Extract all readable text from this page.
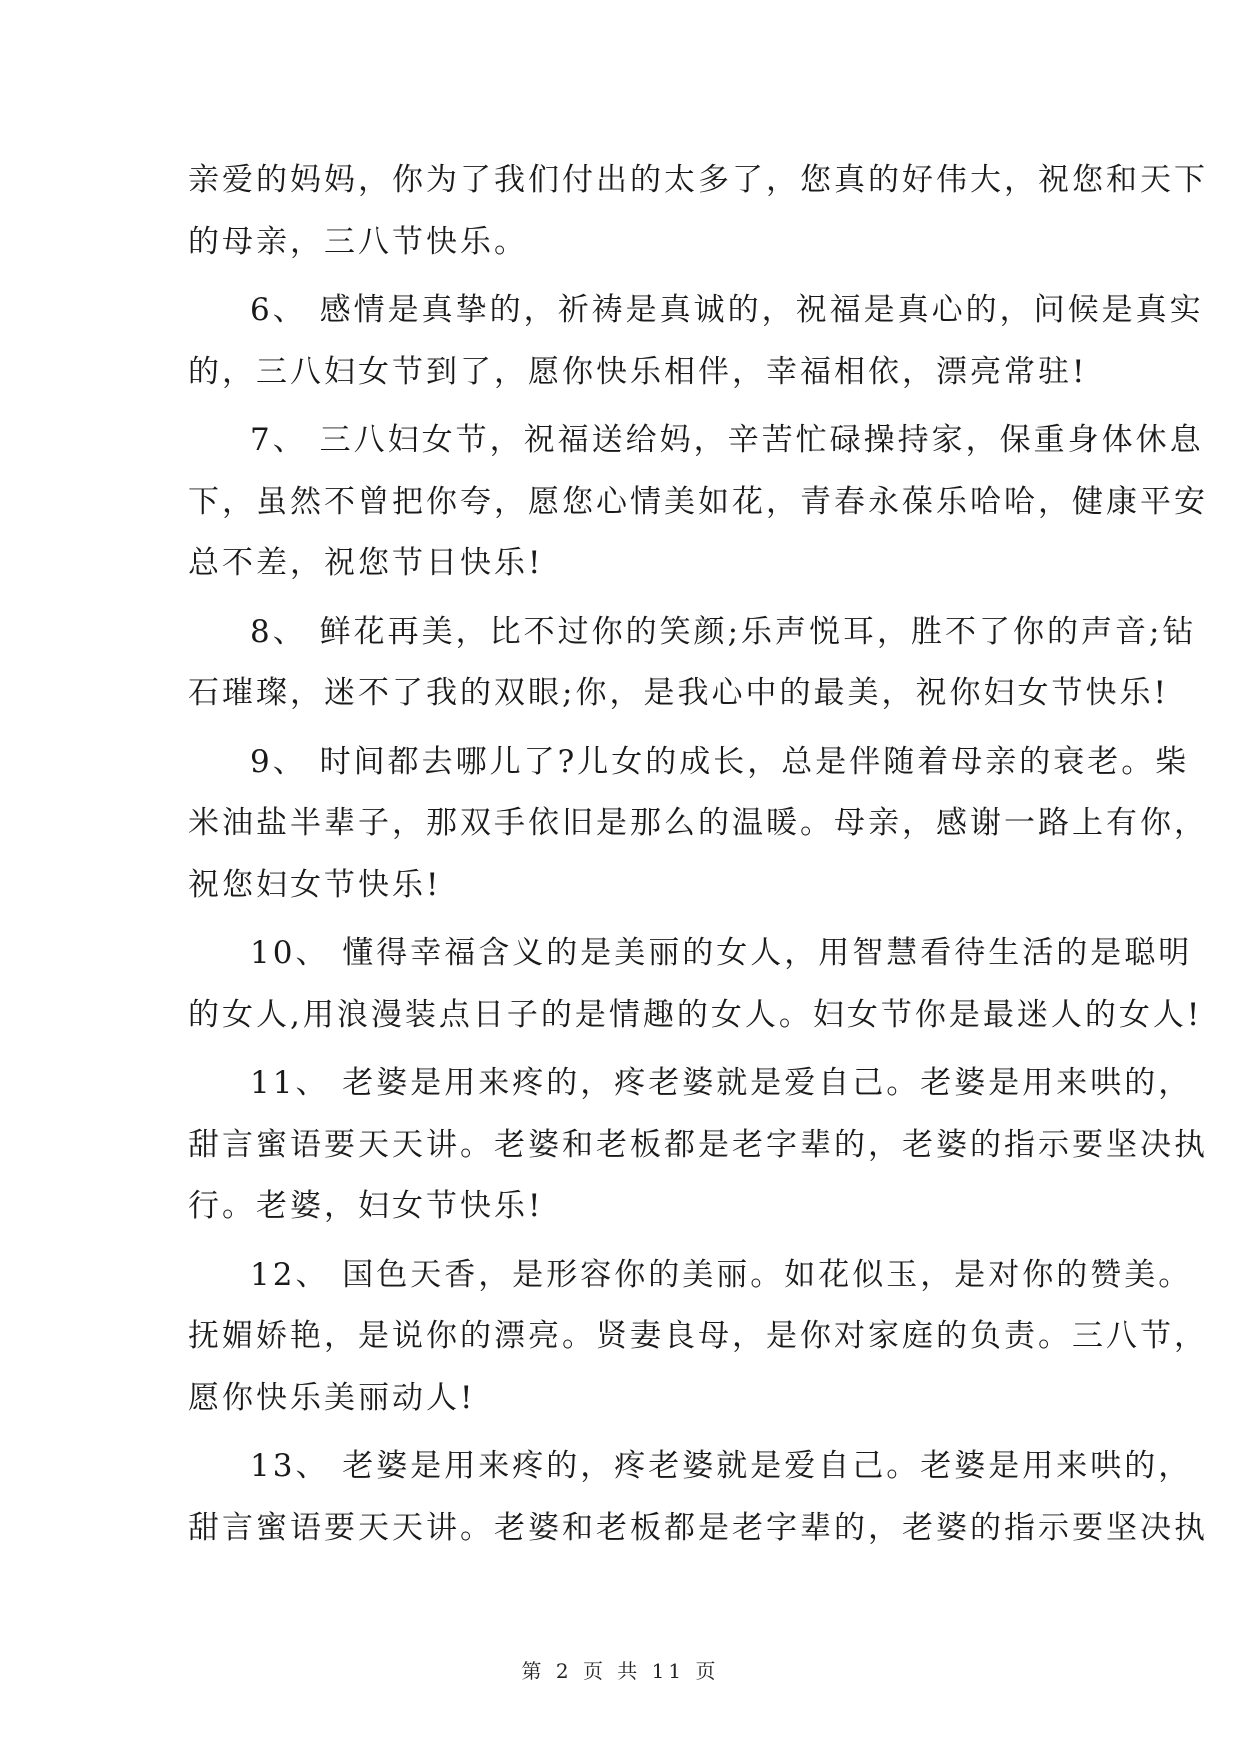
亲爱的妈妈，你为了我们付出的太多了，您真的好伟大，祝您和天下
的母亲，三八节快乐。
6、 感情是真挚的，祈祷是真诚的，祝福是真心的，问候是真实
的，三八妇女节到了，愿你快乐相伴，幸福相依，漂亮常驻!
7、 三八妇女节，祝福送给妈，辛苦忙碌操持家，保重身体休息
下，虽然不曾把你夸，愿您心情美如花，青春永葆乐哈哈，健康平安
总不差，祝您节日快乐!
8、 鲜花再美，比不过你的笑颜;乐声悦耳，胜不了你的声音;钻
石璀璨，迷不了我的双眼;你，是我心中的最美，祝你妇女节快乐!
9、 时间都去哪儿了?儿女的成长，总是伴随着母亲的衰老。柴
米油盐半辈子，那双手依旧是那么的温暖。母亲，感谢一路上有你，
祝您妇女节快乐!
10、 懂得幸福含义的是美丽的女人，用智慧看待生活的是聪明
的女人,用浪漫装点日子的是情趣的女人。妇女节你是最迷人的女人!
11、 老婆是用来疼的，疼老婆就是爱自己。老婆是用来哄的，
甜言蜜语要天天讲。老婆和老板都是老字辈的，老婆的指示要坚决执
行。老婆，妇女节快乐!
12、 国色天香，是形容你的美丽。如花似玉，是对你的赞美。
抚媚娇艳，是说你的漂亮。贤妻良母，是你对家庭的负责。三八节，
愿你快乐美丽动人!
13、 老婆是用来疼的，疼老婆就是爱自己。老婆是用来哄的，
甜言蜜语要天天讲。老婆和老板都是老字辈的，老婆的指示要坚决执
第 2 页 共 11 页
